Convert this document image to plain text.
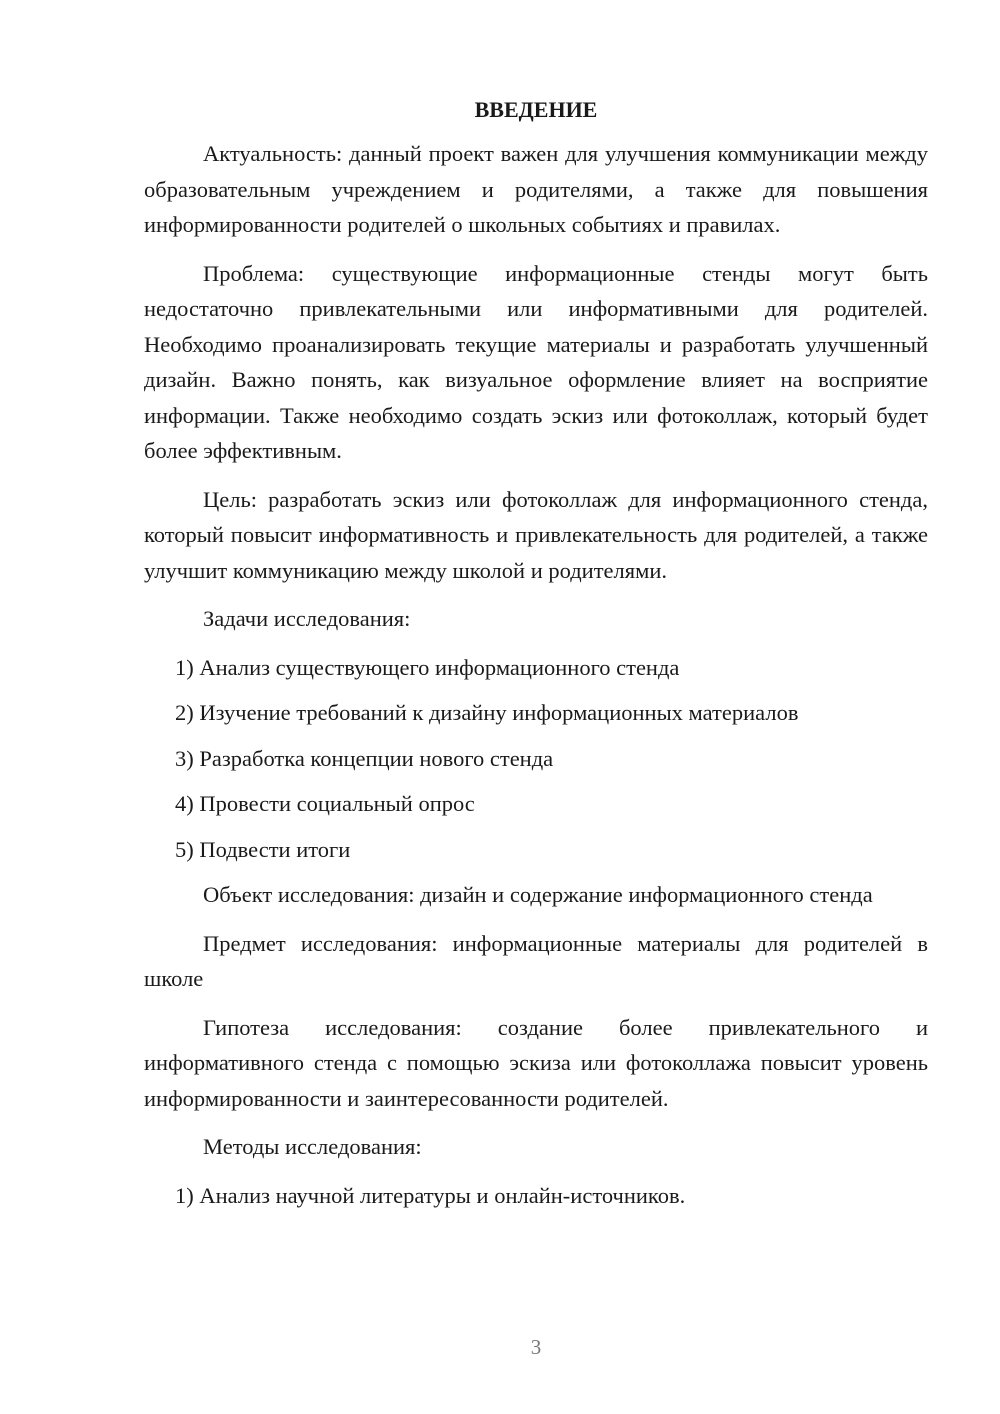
ВВЕДЕНИЕ

Актуальность: данный проект важен для улучшения коммуникации между образовательным учреждением и родителями, а также для повышения информированности родителей о школьных событиях и правилах.

Проблема: существующие информационные стенды могут быть недостаточно привлекательными или информативными для родителей. Необходимо проанализировать текущие материалы и разработать улучшенный дизайн. Важно понять, как визуальное оформление влияет на восприятие информации. Также необходимо создать эскиз или фотоколлаж, который будет более эффективным.

Цель: разработать эскиз или фотоколлаж для информационного стенда, который повысит информативность и привлекательность для родителей, а также улучшит коммуникацию между школой и родителями.

Задачи исследования:

1) Анализ существующего информационного стенда
2) Изучение требований к дизайну информационных материалов
3) Разработка концепции нового стенда
4) Провести социальный опрос
5) Подвести итоги

Объект исследования: дизайн и содержание информационного стенда

Предмет исследования: информационные материалы для родителей в школе

Гипотеза исследования: создание более привлекательного и информативного стенда с помощью эскиза или фотоколлажа повысит уровень информированности и заинтересованности родителей.

Методы исследования:

1) Анализ научной литературы и онлайн-источников.
3
